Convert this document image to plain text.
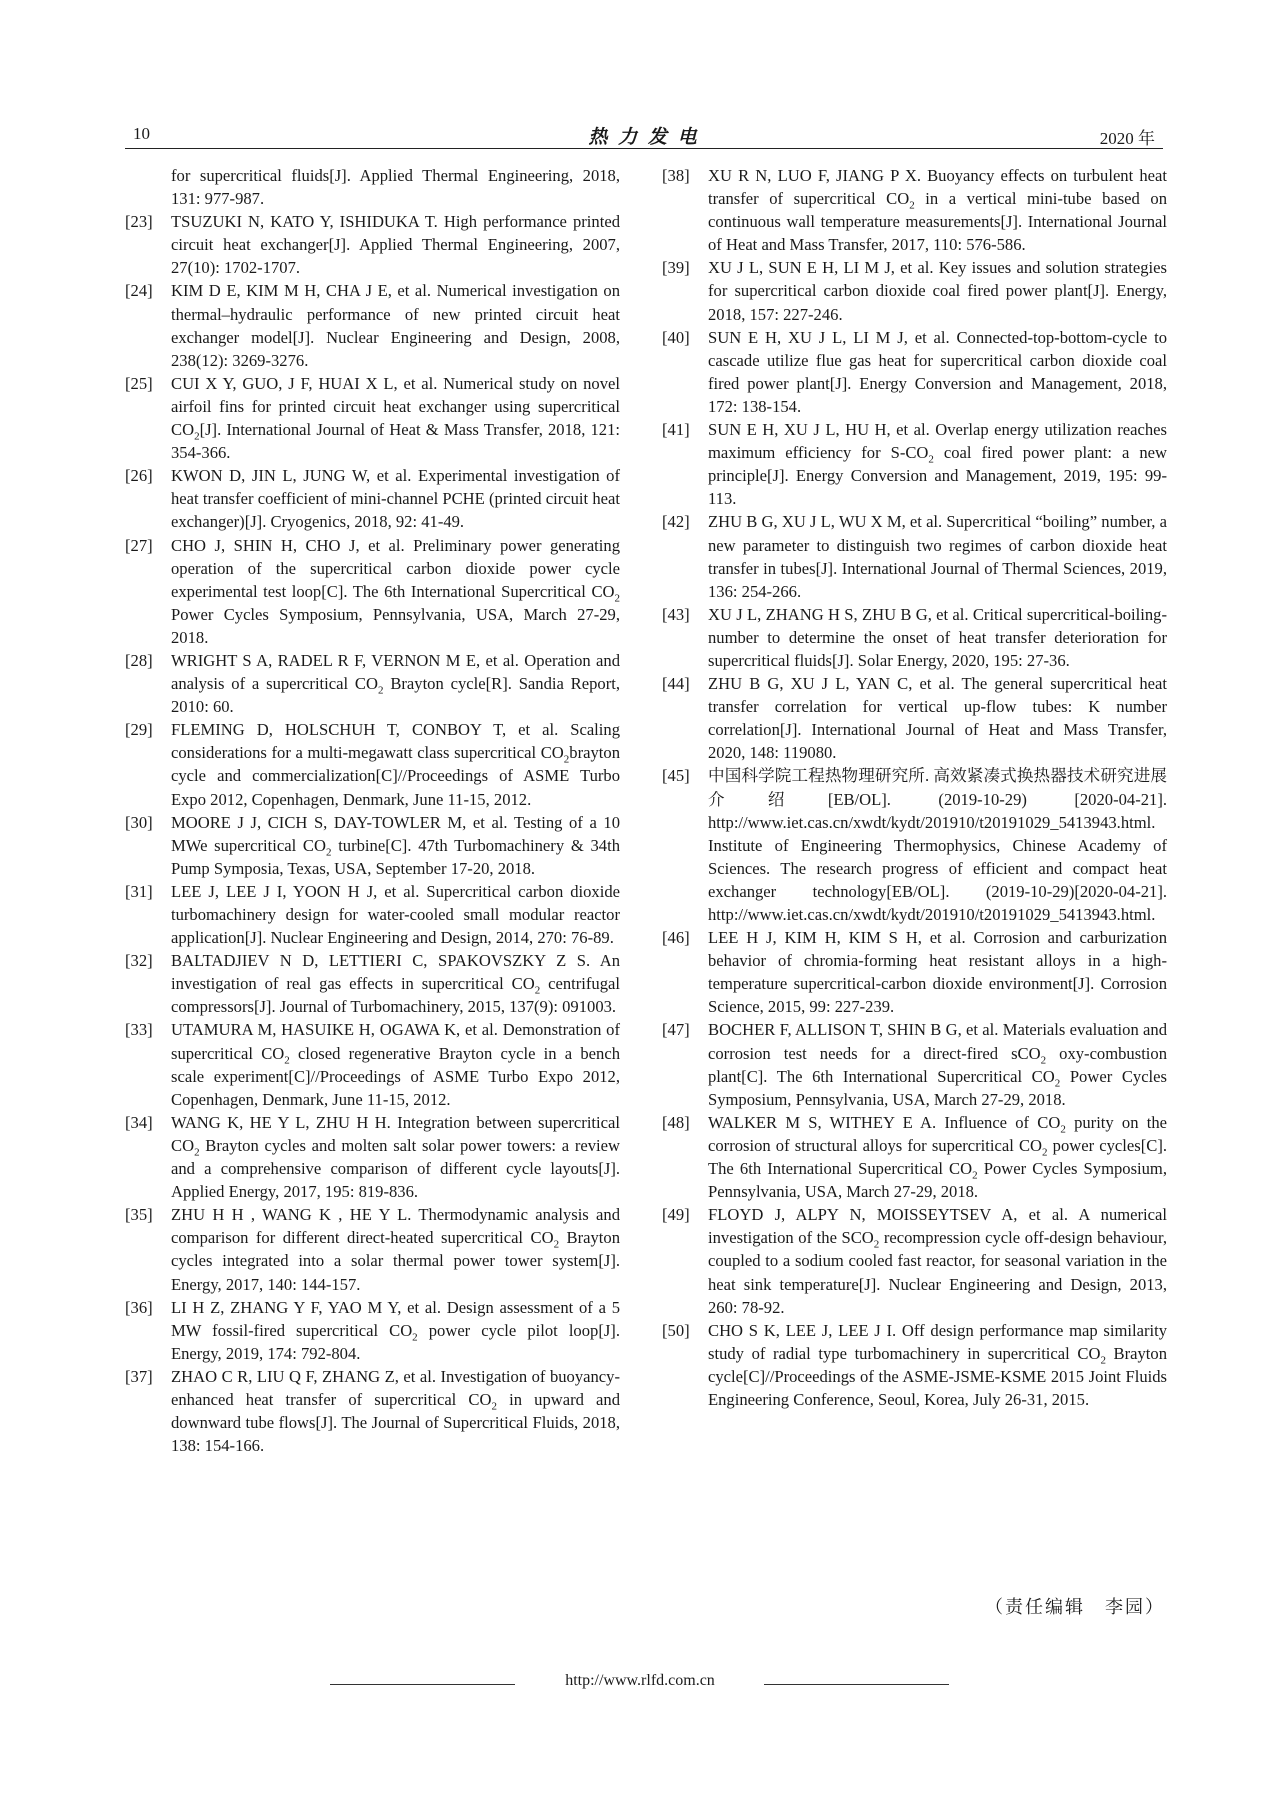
10	热 力 发 电	2020 年
for supercritical fluids[J]. Applied Thermal Engineering, 2018, 131: 977-987.
[23]	TSUZUKI N, KATO Y, ISHIDUKA T. High performance printed circuit heat exchanger[J]. Applied Thermal Engineering, 2007, 27(10): 1702-1707.
[24]	KIM D E, KIM M H, CHA J E, et al. Numerical investigation on thermal–hydraulic performance of new printed circuit heat exchanger model[J]. Nuclear Engineering and Design, 2008, 238(12): 3269-3276.
[25]	CUI X Y, GUO, J F, HUAI X L, et al. Numerical study on novel airfoil fins for printed circuit heat exchanger using supercritical $CO_2[J]$. International Journal of Heat & Mass Transfer, 2018, 121: 354-366.
[26]	KWON D, JIN L, JUNG W, et al. Experimental investigation of heat transfer coefficient of mini-channel PCHE (printed circuit heat exchanger)[J]. Cryogenics, 2018, 92: 41-49.
[27]	CHO J, SHIN H, CHO J, et al. Preliminary power generating operation of the supercritical carbon dioxide power cycle experimental test loop[C]. The 6th International Supercritical $CO_2$ Power Cycles Symposium, Pennsylvania, USA, March 27-29, 2018.
[28]	WRIGHT S A, RADEL R F, VERNON M E, et al. Operation and analysis of a supercritical $CO_2$ Brayton cycle[R]. Sandia Report, 2010: 60.
[29]	FLEMING D, HOLSCHUH T, CONBOY T, et al. Scaling considerations for a multi-megawatt class supercritical $CO_2brayton$ cycle and commercialization[C]//Proceedings of ASME Turbo Expo 2012, Copenhagen, Denmark, June 11-15, 2012.
[30]	MOORE J J, CICH S, DAY-TOWLER M, et al. Testing of a 10 MWe supercritical $CO_2$ turbine[C]. 47th Turbomachinery & 34th Pump Symposia, Texas, USA, September 17-20, 2018.
[31]	LEE J, LEE J I, YOON H J, et al. Supercritical carbon dioxide turbomachinery design for water-cooled small modular reactor application[J]. Nuclear Engineering and Design, 2014, 270: 76-89.
[32]	BALTADJIEV N D, LETTIERI C, SPAKOVSZKY Z S. An investigation of real gas effects in supercritical $CO_2$ centrifugal compressors[J]. Journal of Turbomachinery, 2015, 137(9): 091003.
[33]	UTAMURA M, HASUIKE H, OGAWA K, et al. Demonstration of supercritical $CO_2$ closed regenerative Brayton cycle in a bench scale experiment[C]//Proceedings of ASME Turbo Expo 2012, Copenhagen, Denmark, June 11-15, 2012.
[34]	WANG K, HE Y L, ZHU H H. Integration between supercritical $CO_2$ Brayton cycles and molten salt solar power towers: a review and a comprehensive comparison of different cycle layouts[J]. Applied Energy, 2017, 195: 819-836.
[35]	ZHU H H , WANG K , HE Y L. Thermodynamic analysis and comparison for different direct-heated supercritical $CO_2$ Brayton cycles integrated into a solar thermal power tower system[J]. Energy, 2017, 140: 144-157.
[36]	LI H Z, ZHANG Y F, YAO M Y, et al. Design assessment of a 5 MW fossil-fired supercritical $CO_2$ power cycle pilot loop[J]. Energy, 2019, 174: 792-804.
[37]	ZHAO C R, LIU Q F, ZHANG Z, et al. Investigation of buoyancy-enhanced heat transfer of supercritical $CO_2$ in upward and downward tube flows[J]. The Journal of Supercritical Fluids, 2018, 138: 154-166.
[38]	XU R N, LUO F, JIANG P X. Buoyancy effects on turbulent heat transfer of supercritical $CO_2$ in a vertical mini-tube based on continuous wall temperature measurements[J]. International Journal of Heat and Mass Transfer, 2017, 110: 576-586.
[39]	XU J L, SUN E H, LI M J, et al. Key issues and solution strategies for supercritical carbon dioxide coal fired power plant[J]. Energy, 2018, 157: 227-246.
[40]	SUN E H, XU J L, LI M J, et al. Connected-top-bottom-cycle to cascade utilize flue gas heat for supercritical carbon dioxide coal fired power plant[J]. Energy Conversion and Management, 2018, 172: 138-154.
[41]	SUN E H, XU J L, HU H, et al. Overlap energy utilization reaches maximum efficiency for $S-CO_2$ coal fired power plant: a new principle[J]. Energy Conversion and Management, 2019, 195: 99-113.
[42]	ZHU B G, XU J L, WU X M, et al. Supercritical “boiling” number, a new parameter to distinguish two regimes of carbon dioxide heat transfer in tubes[J]. International Journal of Thermal Sciences, 2019, 136: 254-266.
[43]	XU J L, ZHANG H S, ZHU B G, et al. Critical supercritical-boiling-number to determine the onset of heat transfer deterioration for supercritical fluids[J]. Solar Energy, 2020, 195: 27-36.
[44]	ZHU B G, XU J L, YAN C, et al. The general supercritical heat transfer correlation for vertical up-flow tubes: K number correlation[J]. International Journal of Heat and Mass Transfer, 2020, 148: 119080.
[45]	中国科学院工程热物理研究所. 高效紧凑式换热器技术研究进展介绍[EB/OL]. (2019-10-29) [2020-04-21]. http://www.iet.cas.cn/xwdt/kydt/201910/t20191029_5413943.html.
Institute of Engineering Thermophysics, Chinese Academy of Sciences. The research progress of efficient and compact heat exchanger technology[EB/OL]. (2019-10-29)[2020-04-21]. http://www.iet.cas.cn/xwdt/kydt/201910/t20191029_5413943.html.
[46]	LEE H J, KIM H, KIM S H, et al. Corrosion and carburization behavior of chromia-forming heat resistant alloys in a high-temperature supercritical-carbon dioxide environment[J]. Corrosion Science, 2015, 99: 227-239.
[47]	BOCHER F, ALLISON T, SHIN B G, et al. Materials evaluation and corrosion test needs for a direct-fired sCO$_2$ oxy-combustion plant[C]. The 6th International Supercritical $CO_2$ Power Cycles Symposium, Pennsylvania, USA, March 27-29, 2018.
[48]	WALKER M S, WITHEY E A. Influence of $CO_2$ purity on the corrosion of structural alloys for supercritical $CO_2$ power cycles[C]. The 6th International Supercritical $CO_2$ Power Cycles Symposium, Pennsylvania, USA, March 27-29, 2018.
[49]	FLOYD J, ALPY N, MOISSEYTSEV A, et al. A numerical investigation of the $SCO_2$ recompression cycle off-design behaviour, coupled to a sodium cooled fast reactor, for seasonal variation in the heat sink temperature[J]. Nuclear Engineering and Design, 2013, 260: 78-92.
[50]	CHO S K, LEE J, LEE J I. Off design performance map similarity study of radial type turbomachinery in supercritical $CO_2$ Brayton cycle[C]//Proceedings of the ASME-JSME-KSME 2015 Joint Fluids Engineering Conference, Seoul, Korea, July 26-31, 2015.
（责任编辑　李园）
http://www.rlfd.com.cn
